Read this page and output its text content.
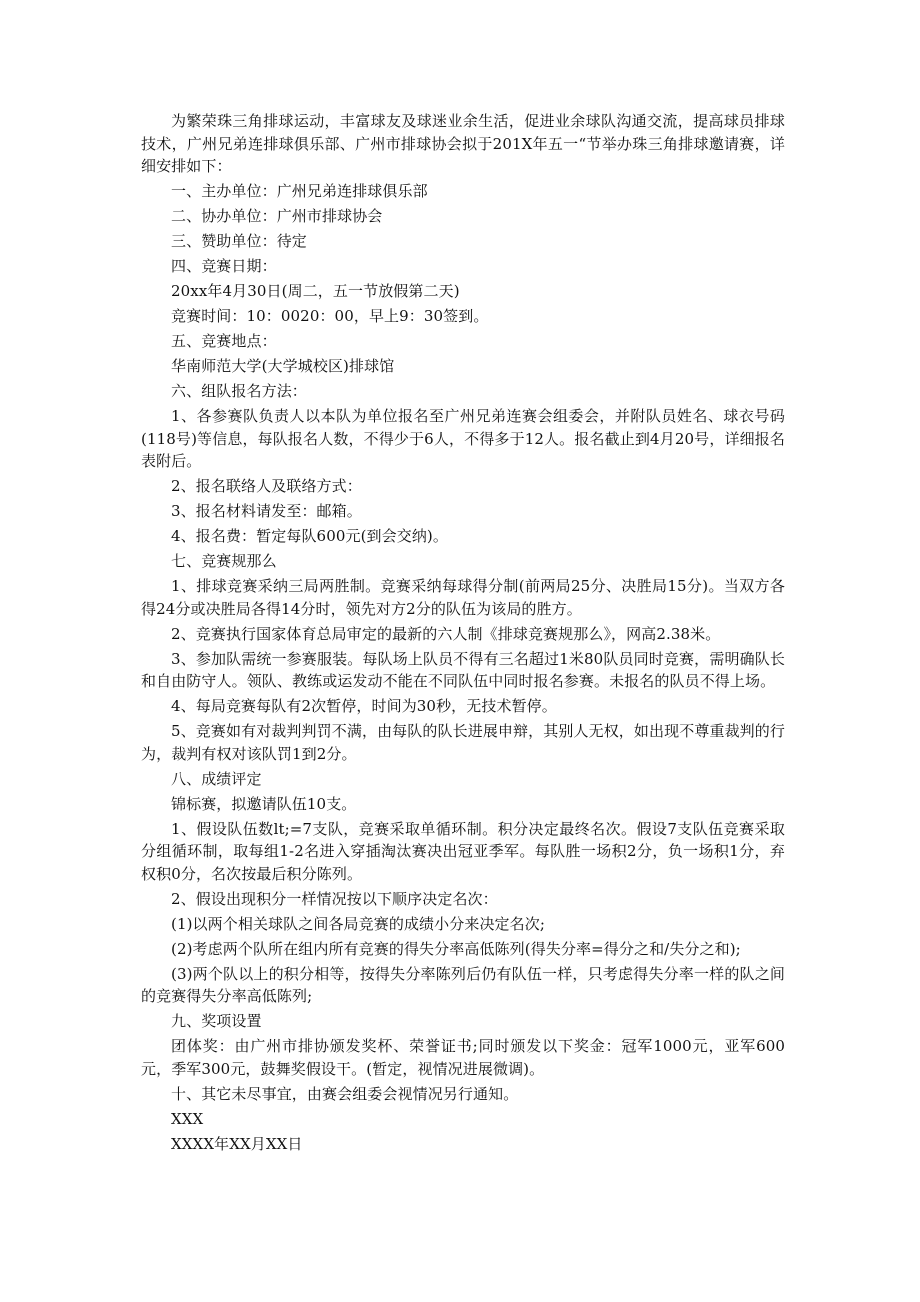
为繁荣珠三角排球运动，丰富球友及球迷业余生活，促进业余球队沟通交流，提高球员排球技术，广州兄弟连排球俱乐部、广州市排球协会拟于201X年五一“节举办珠三角排球邀请赛，详细安排如下：

一、主办单位：广州兄弟连排球俱乐部

二、协办单位：广州市排球协会

三、赞助单位：待定

四、竞赛日期：

20xx年4月30日(周二，五一节放假第二天)

竞赛时间：10：0020：00，早上9：30签到。

五、竞赛地点：

华南师范大学(大学城校区)排球馆

六、组队报名方法：

1、各参赛队负责人以本队为单位报名至广州兄弟连赛会组委会，并附队员姓名、球衣号码(118号)等信息，每队报名人数，不得少于6人，不得多于12人。报名截止到4月20号，详细报名表附后。

2、报名联络人及联络方式：

3、报名材料请发至：邮箱。

4、报名费：暂定每队600元(到会交纳)。

七、竞赛规那么

1、排球竞赛采纳三局两胜制。竞赛采纳每球得分制(前两局25分、决胜局15分)。当双方各得24分或决胜局各得14分时，领先对方2分的队伍为该局的胜方。

2、竞赛执行国家体育总局审定的最新的六人制《排球竞赛规那么》，网高2.38米。

3、参加队需统一参赛服装。每队场上队员不得有三名超过1米80队员同时竞赛，需明确队长和自由防守人。领队、教练或运发动不能在不同队伍中同时报名参赛。未报名的队员不得上场。

4、每局竞赛每队有2次暂停，时间为30秒，无技术暂停。

5、竞赛如有对裁判判罚不满，由每队的队长进展申辩，其别人无权，如出现不尊重裁判的行为，裁判有权对该队罚1到2分。

八、成绩评定

锦标赛，拟邀请队伍10支。

1、假设队伍数lt;=7支队，竞赛采取单循环制。积分决定最终名次。假设7支队伍竞赛采取分组循环制，取每组1-2名进入穿插淘汰赛决出冠亚季军。每队胜一场积2分，负一场积1分，弃权积0分，名次按最后积分陈列。

2、假设出现积分一样情况按以下顺序决定名次：

(1)以两个相关球队之间各局竞赛的成绩小分来决定名次;

(2)考虑两个队所在组内所有竞赛的得失分率高低陈列(得失分率=得分之和/失分之和);

(3)两个队以上的积分相等，按得失分率陈列后仍有队伍一样，只考虑得失分率一样的队之间的竞赛得失分率高低陈列;

九、奖项设置

团体奖：由广州市排协颁发奖杯、荣誉证书;同时颁发以下奖金：冠军1000元，亚军600元，季军300元，鼓舞奖假设干。(暂定，视情况进展微调)。

十、其它未尽事宜，由赛会组委会视情况另行通知。

XXX

XXXX年XX月XX日
